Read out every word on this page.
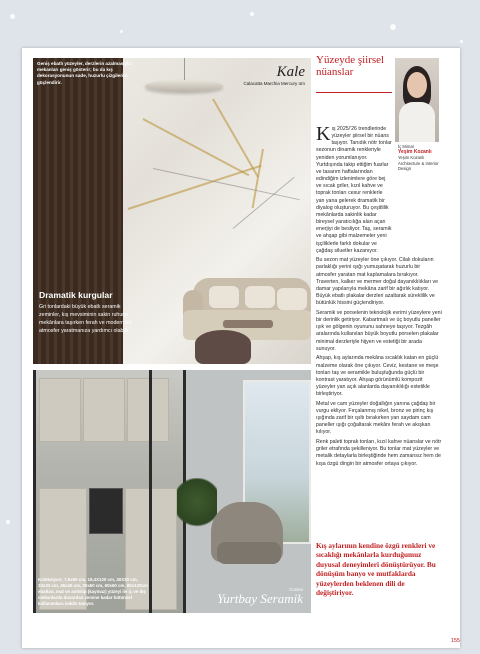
Geniş ebatlı yüzeyler, derzlerin azalmasıyla mekanları geniş gösterir; bu da kış dekorasyonunun sade, huzurlu çizgilerini güçlendirir.
Kale
Calacatta Marchia Mercury ürn
Dramatik kurgular
Gri tonlardaki büyük ebatlı seramik zeminler, kış mevsiminin sakin ruhunu mekânlara taşırken ferah ve modern bir atmosfer yaratmanıza yardımcı olabilir.
Koleksiyon; 7,5x60 cm, 19,4X120 cm, 30X30 cm, 33x33 cm, 45x45 cm, 30x60 cm, 60x60 cm, 60x120cm ebatları, mat ve antislip (kaymaz) yüzeyi ile iç ve dış mekanlarda duvardan zemine kadar bütünsel kullanımlara imkân tanıyor.
Cosmo
Yurtbay Seramik
Yüzeyde şiirsel nüanslar
İç Mimar
Yeşim Kozanlı
Yeşim Kozanlı Architecture & Interior Design

Kış 2025/'26 trendlerinde yüzeyler şiirsel bir nüans taşıyor. Tanıdık nötr tonlar sezonun dinamik renkleriyle yeniden yorumlanıyor. Yurtdışında takip ettiğim fuarlar ve tasarım haftalarından edindiğim izlenimlere göre bej ve sıcak griler, kızıl kahve ve toprak tonları cesur renklerle yan yana gelerek dramatik bir diyalog oluşturuyor. Bu çeşitlilik mekânlarda sakinlik kadar bireysel yaratıcılığa alan açan enerjiyi de besliyor. Taş, seramik ve ahşap gibi malzemeler yeni işçiliklerle farklı dokular ve çağdaş siluetler kazanıyor.

Bu sezon mat yüzeyler öne çıkıyor. Cilalı dokuların parlaklığı yerini ışığı yumuşatarak huzurlu bir atmosfer yaratan mat kaplamalara bırakıyor. Traverten, kalker ve mermer doğal dayanıklılıkları ve damar yapılarıyla mekâna zarif bir ağırlık katıyor. Büyük ebatlı plakalar derzleri azaltarak süreklilik ve bütünlük hissini güçlendiriyor.

Seramik ve porselenin teknolojik evrimi yüzeylere yeni bir derinlik getiriyor. Kabartmalı ve üç boyutlu paneller ışık ve gölgenin oyununu sahneye taşıyor. Tezgâh aralarında kullanılan büyük boyutlu porselen plakalar minimal derzleriyle hijyen ve estetiği bir arada sunuyor.

Ahşap, kış aylarında mekâna sıcaklık katan en güçlü malzeme olarak öne çıkıyor. Ceviz, kestane ve meşe tonları taş ve seramikle buluştuğunda güçlü bir kontrast yaratıyor. Ahşap görünümlü kompozit yüzeyler yan açık alanlarda dayanıklılığı estetikle birleştiriyor.

Metal ve cam yüzeyler doğallığın yanına çağdaş bir vurgu ekliyor. Fırçalanmış nikel, bronz ve pirinç kış ışığında zarif bir ışıltı bırakırken yarı saydam cam paneller ışığı çoğaltarak mekânı ferah ve akışkan kılıyor.

Renk paleti toprak tonları, kızıl kahve nüanslar ve nötr griler etrafında şekilleniyor. Bu tonlar mat yüzeyler ve metalik detaylarla birleştiğinde hem zamansız hem de kışa özgü dingin bir atmosfer ortaya çıkıyor.

Kış aylarının kendine özgü renkleri ve sıcaklığı mekânlarla kurduğumuz duyusal deneyimleri dönüştürüyor. Bu dönüşüm banyo ve mutfaklarda yüzeylerden beklenen dili de değiştiriyor.
155
